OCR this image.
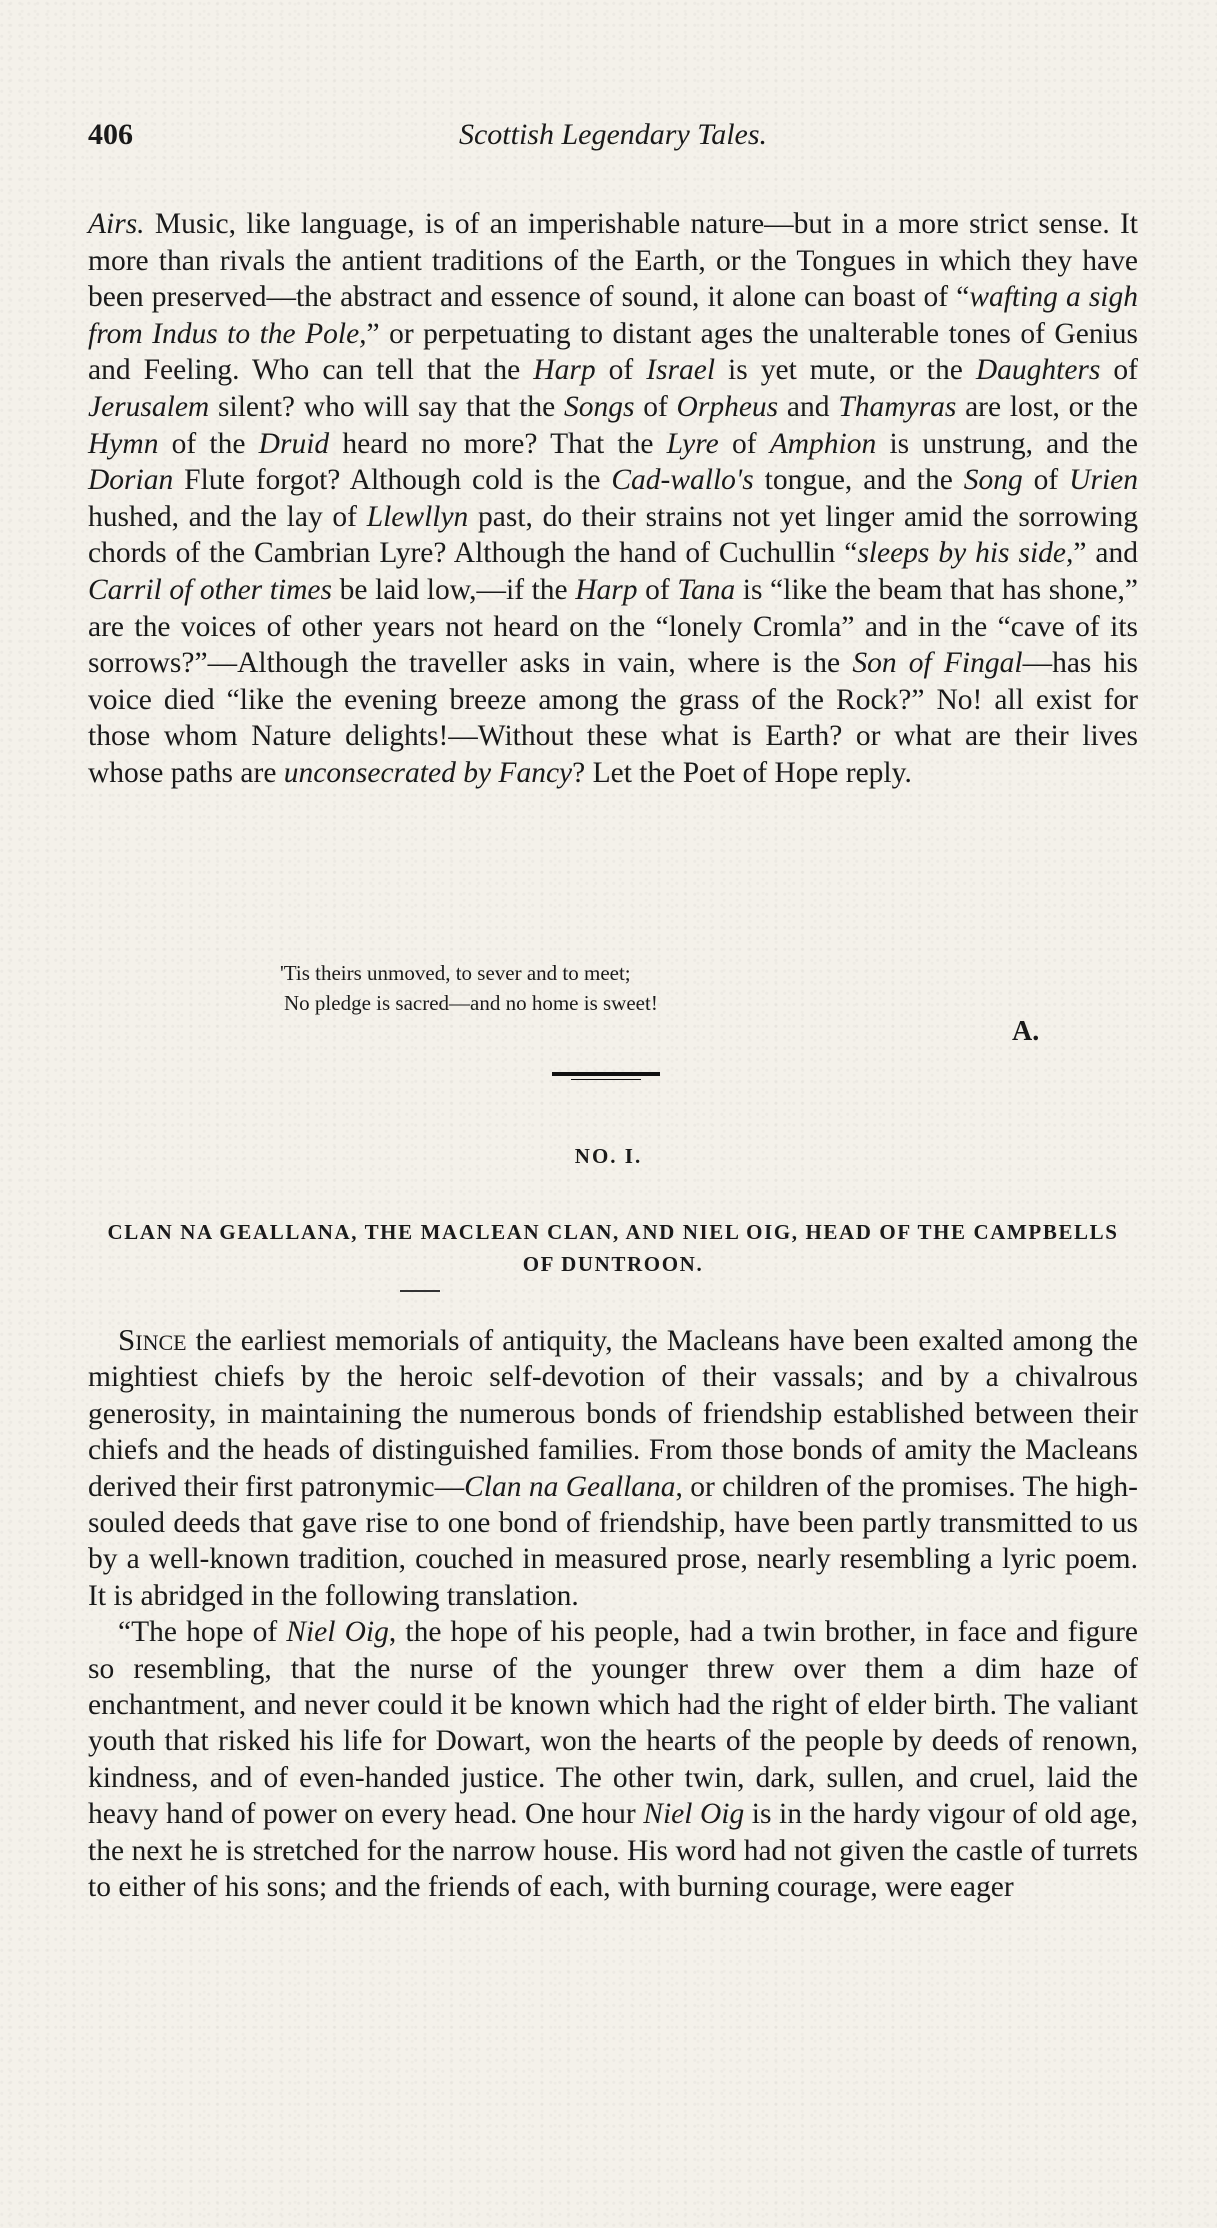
406	Scottish Legendary Tales.
Airs. Music, like language, is of an imperishable nature—but in a more strict sense. It more than rivals the antient traditions of the Earth, or the Tongues in which they have been preserved—the abstract and essence of sound, it alone can boast of “wafting a sigh from Indus to the Pole,” or perpetuating to distant ages the unalterable tones of Genius and Feeling. Who can tell that the Harp of Israel is yet mute, or the Daughters of Jerusalem silent? who will say that the Songs of Orpheus and Thamyras are lost, or the Hymn of the Druid heard no more? That the Lyre of Amphion is unstrung, and the Dorian Flute forgot? Although cold is the Cad-wallo's tongue, and the Song of Urien hushed, and the lay of Llewllyn past, do their strains not yet linger amid the sorrowing chords of the Cambrian Lyre? Although the hand of Cuchullin “sleeps by his side,” and Carril of other times be laid low,—if the Harp of Tana is “like the beam that has shone,” are the voices of other years not heard on the “lonely Cromla” and in the “cave of its sorrows?”—Although the traveller asks in vain, where is the Son of Fingal—has his voice died “like the evening breeze among the grass of the Rock?” No! all exist for those whom Nature delights!—Without these what is Earth? or what are their lives whose paths are unconsecrated by Fancy? Let the Poet of Hope reply.
'Tis theirs unmoved, to sever and to meet;
No pledge is sacred—and no home is sweet!
A.
NO. I.
CLAN NA GEALLANA, THE MACLEAN CLAN, AND NIEL OIG, HEAD OF THE CAMPBELLS OF DUNTROON.

Since the earliest memorials of antiquity, the Macleans have been exalted among the mightiest chiefs by the heroic self-devotion of their vassals; and by a chivalrous generosity, in maintaining the numerous bonds of friendship established between their chiefs and the heads of distinguished families. From those bonds of amity the Macleans derived their first patronymic—Clan na Geallana, or children of the promises. The high-souled deeds that gave rise to one bond of friendship, have been partly transmitted to us by a well-known tradition, couched in measured prose, nearly resembling a lyric poem. It is abridged in the following translation.

“The hope of Niel Oig, the hope of his people, had a twin brother, in face and figure so resembling, that the nurse of the younger threw over them a dim haze of enchantment, and never could it be known which had the right of elder birth. The valiant youth that risked his life for Dowart, won the hearts of the people by deeds of renown, kindness, and of even-handed justice. The other twin, dark, sullen, and cruel, laid the heavy hand of power on every head. One hour Niel Oig is in the hardy vigour of old age, the next he is stretched for the narrow house. His word had not given the castle of turrets to either of his sons; and the friends of each, with burning courage, were eager
